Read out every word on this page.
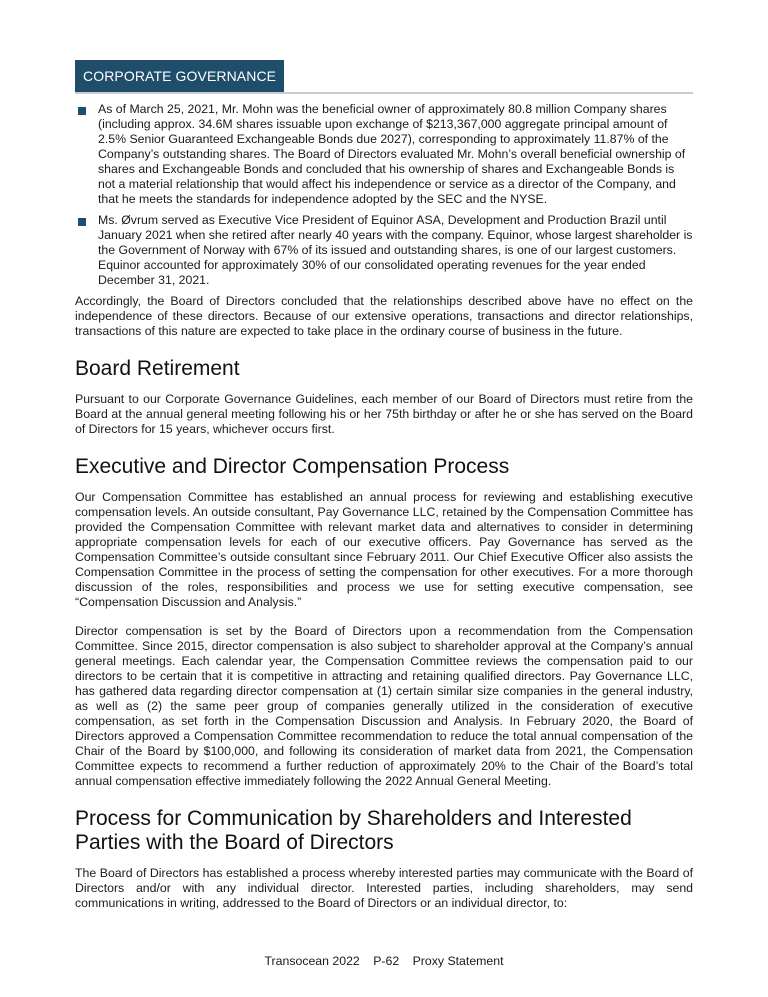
CORPORATE GOVERNANCE
As of March 25, 2021, Mr. Mohn was the beneficial owner of approximately 80.8 million Company shares (including approx. 34.6M shares issuable upon exchange of $213,367,000 aggregate principal amount of 2.5% Senior Guaranteed Exchangeable Bonds due 2027), corresponding to approximately 11.87% of the Company’s outstanding shares. The Board of Directors evaluated Mr. Mohn’s overall beneficial ownership of shares and Exchangeable Bonds and concluded that his ownership of shares and Exchangeable Bonds is not a material relationship that would affect his independence or service as a director of the Company, and that he meets the standards for independence adopted by the SEC and the NYSE.
Ms. Øvrum served as Executive Vice President of Equinor ASA, Development and Production Brazil until January 2021 when she retired after nearly 40 years with the company. Equinor, whose largest shareholder is the Government of Norway with 67% of its issued and outstanding shares, is one of our largest customers. Equinor accounted for approximately 30% of our consolidated operating revenues for the year ended December 31, 2021.

Accordingly, the Board of Directors concluded that the relationships described above have no effect on the independence of these directors. Because of our extensive operations, transactions and director relationships, transactions of this nature are expected to take place in the ordinary course of business in the future.

Board Retirement

Pursuant to our Corporate Governance Guidelines, each member of our Board of Directors must retire from the Board at the annual general meeting following his or her 75th birthday or after he or she has served on the Board of Directors for 15 years, whichever occurs first.

Executive and Director Compensation Process

Our Compensation Committee has established an annual process for reviewing and establishing executive compensation levels. An outside consultant, Pay Governance LLC, retained by the Compensation Committee has provided the Compensation Committee with relevant market data and alternatives to consider in determining appropriate compensation levels for each of our executive officers. Pay Governance has served as the Compensation Committee’s outside consultant since February 2011. Our Chief Executive Officer also assists the Compensation Committee in the process of setting the compensation for other executives. For a more thorough discussion of the roles, responsibilities and process we use for setting executive compensation, see “Compensation Discussion and Analysis.”

Director compensation is set by the Board of Directors upon a recommendation from the Compensation Committee. Since 2015, director compensation is also subject to shareholder approval at the Company’s annual general meetings. Each calendar year, the Compensation Committee reviews the compensation paid to our directors to be certain that it is competitive in attracting and retaining qualified directors. Pay Governance LLC, has gathered data regarding director compensation at (1) certain similar size companies in the general industry, as well as (2) the same peer group of companies generally utilized in the consideration of executive compensation, as set forth in the Compensation Discussion and Analysis. In February 2020, the Board of Directors approved a Compensation Committee recommendation to reduce the total annual compensation of the Chair of the Board by $100,000, and following its consideration of market data from 2021, the Compensation Committee expects to recommend a further reduction of approximately 20% to the Chair of the Board’s total annual compensation effective immediately following the 2022 Annual General Meeting.

Process for Communication by Shareholders and Interested Parties with the Board of Directors

The Board of Directors has established a process whereby interested parties may communicate with the Board of Directors and/or with any individual director. Interested parties, including shareholders, may send communications in writing, addressed to the Board of Directors or an individual director, to:

Transocean 2022 P-62 Proxy Statement
